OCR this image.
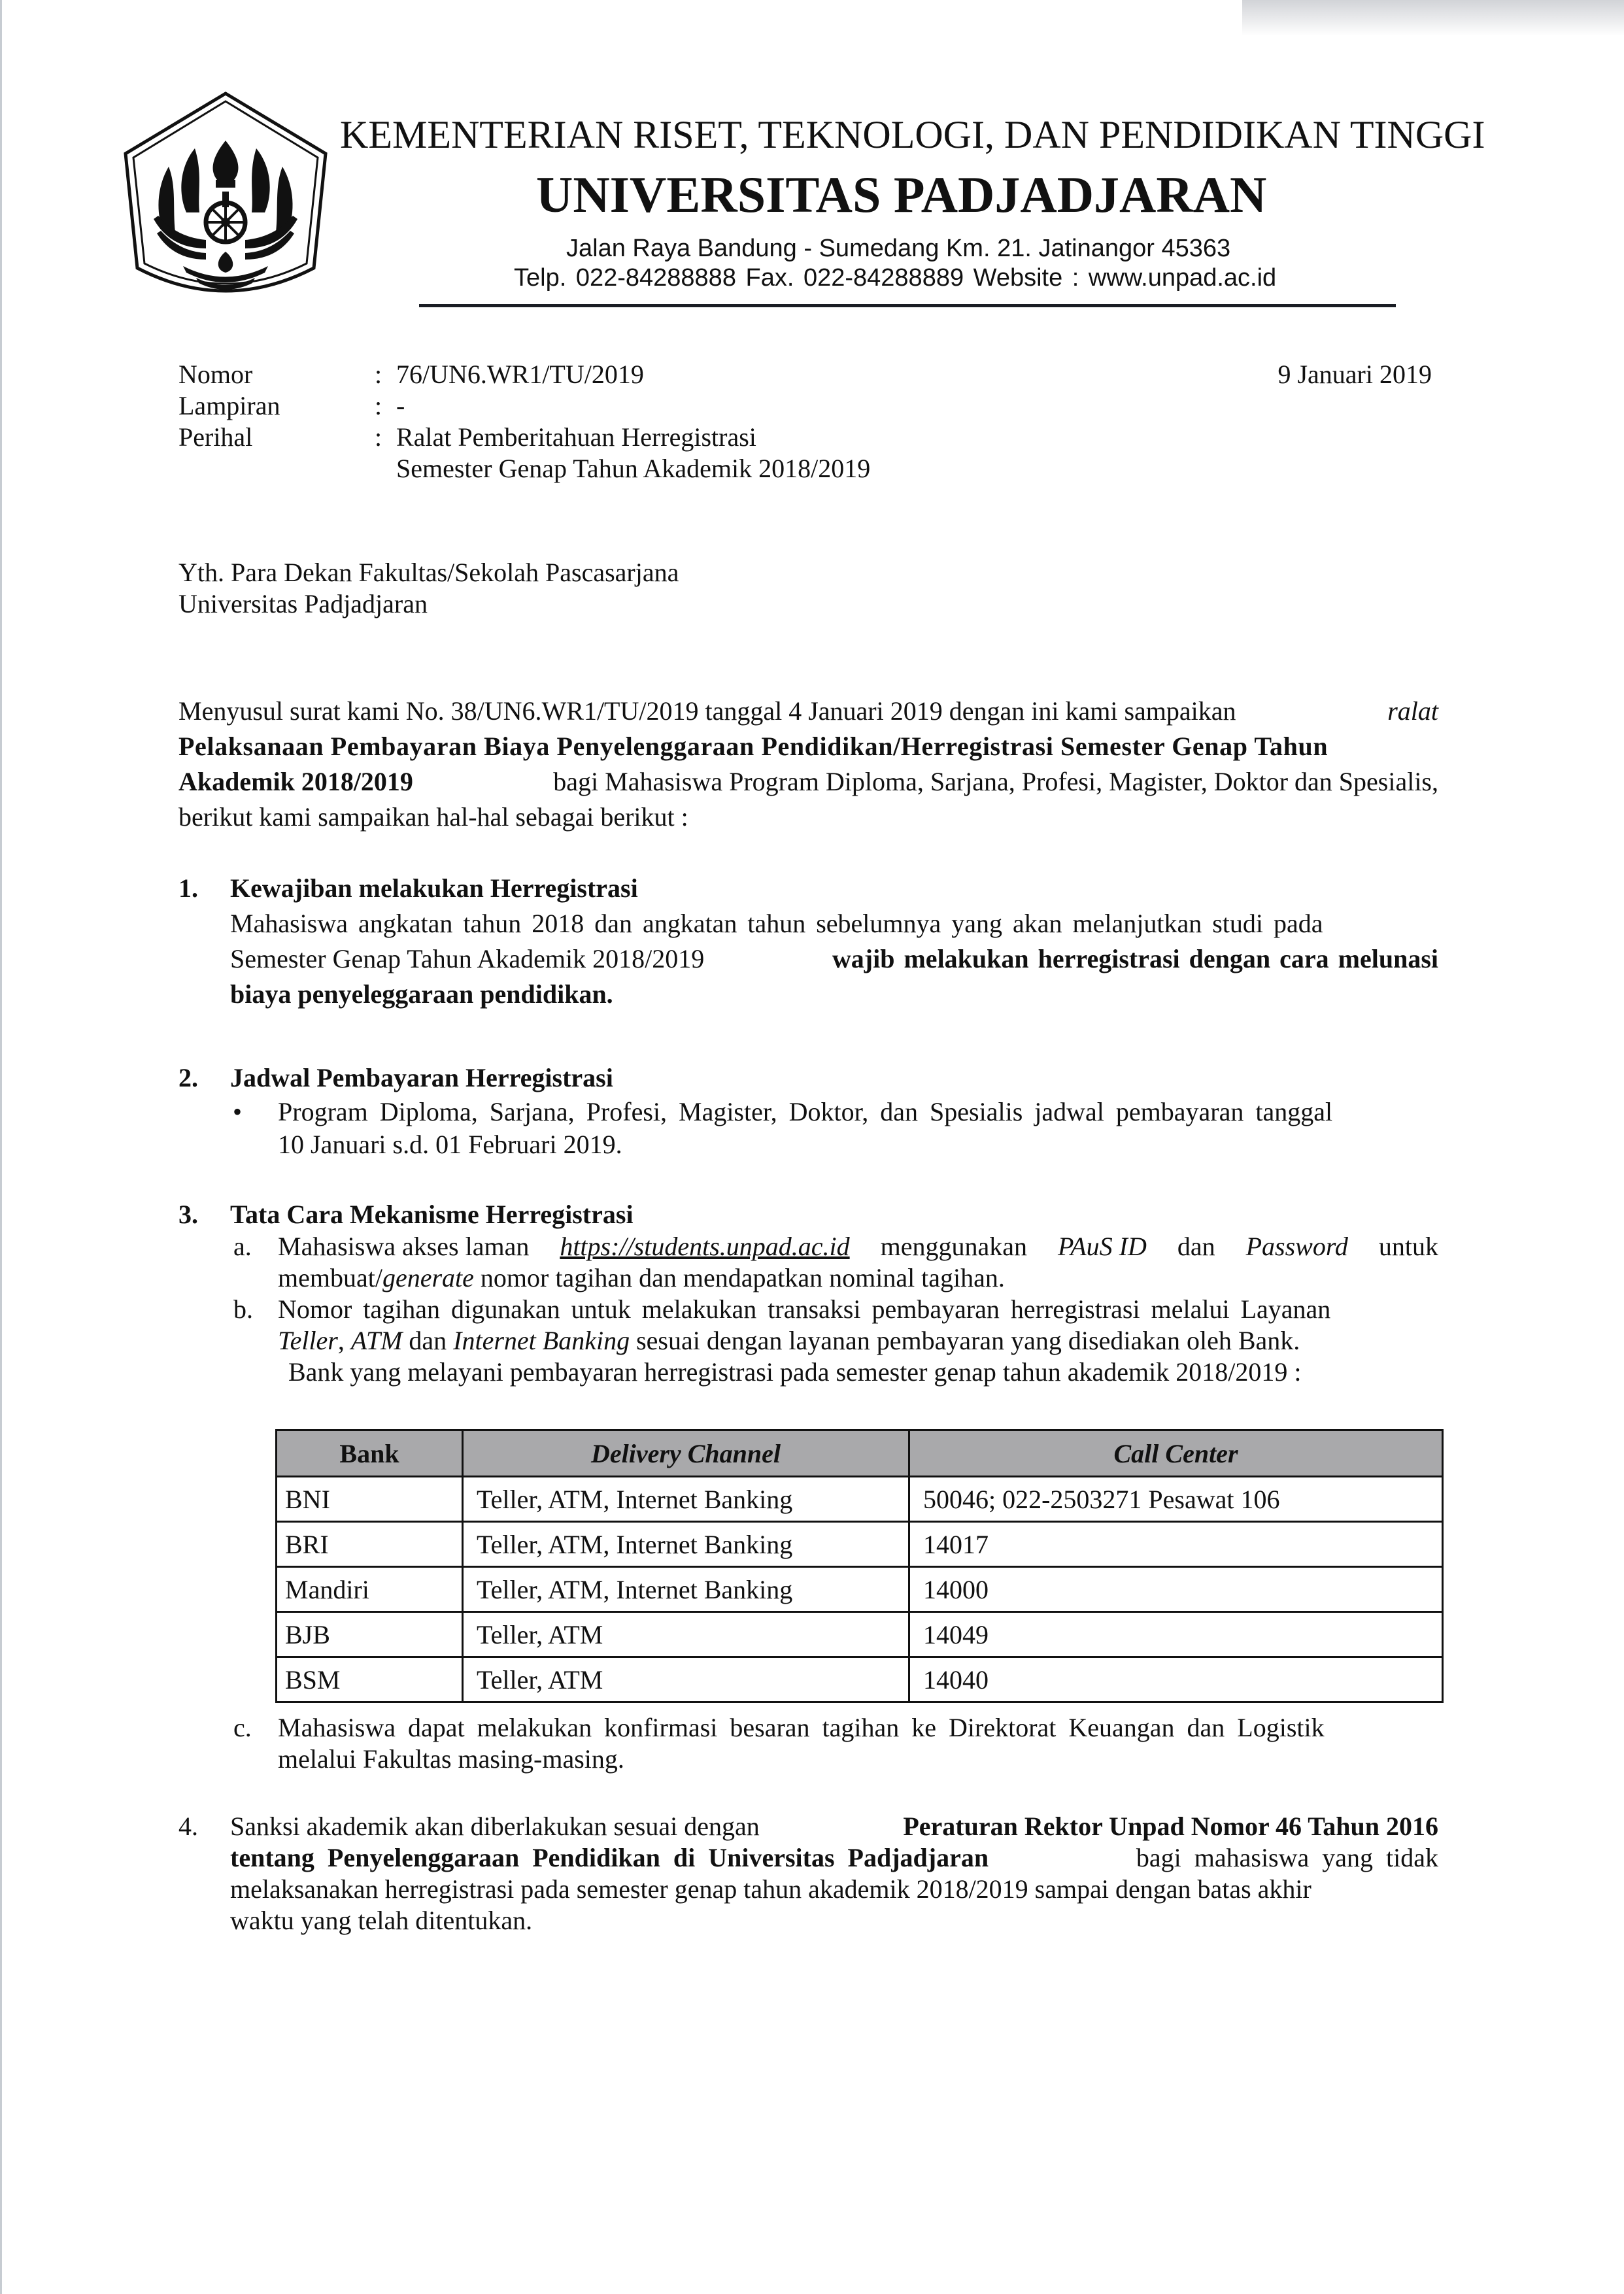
KEMENTERIAN RISET, TEKNOLOGI, DAN PENDIDIKAN TINGGI
UNIVERSITAS PADJADJARAN
Jalan Raya Bandung - Sumedang Km. 21. Jatinangor 45363
Telp. 022-84288888 Fax. 022-84288889 Website : www.unpad.ac.id
Nomor	: 76/UN6.WR1/TU/2019	9 Januari 2019
Lampiran	: -
Perihal	: Ralat Pemberitahuan Herregistrasi
Semester Genap Tahun Akademik 2018/2019
Yth. Para Dekan Fakultas/Sekolah Pascasarjana
Universitas Padjadjaran
Menyusul surat kami No. 38/UN6.WR1/TU/2019 tanggal 4 Januari 2019 dengan ini kami sampaikan	ralat
Pelaksanaan Pembayaran Biaya Penyelenggaraan Pendidikan/Herregistrasi Semester Genap Tahun
Akademik 2018/2019	bagi Mahasiswa Program Diploma, Sarjana, Profesi, Magister, Doktor dan Spesialis,
berikut kami sampaikan hal-hal sebagai berikut :
1. Kewajiban melakukan Herregistrasi
Mahasiswa angkatan tahun 2018 dan angkatan tahun sebelumnya yang akan melanjutkan studi pada
Semester Genap Tahun Akademik 2018/2019	wajib melakukan herregistrasi dengan cara melunasi
biaya penyeleggaraan pendidikan.
2. Jadwal Pembayaran Herregistrasi
• Program Diploma, Sarjana, Profesi, Magister, Doktor, dan Spesialis jadwal pembayaran tanggal
10 Januari s.d. 01 Februari 2019.
3. Tata Cara Mekanisme Herregistrasi
a. Mahasiswa akses laman https://students.unpad.ac.id menggunakan PAuS ID dan Password untuk
membuat/generate nomor tagihan dan mendapatkan nominal tagihan.
b. Nomor tagihan digunakan untuk melakukan transaksi pembayaran herregistrasi melalui Layanan
Teller, ATM dan Internet Banking sesuai dengan layanan pembayaran yang disediakan oleh Bank.
Bank yang melayani pembayaran herregistrasi pada semester genap tahun akademik 2018/2019 :
Bank	Delivery Channel	Call Center
BNI	Teller, ATM, Internet Banking	50046; 022-2503271 Pesawat 106
BRI	Teller, ATM, Internet Banking	14017
Mandiri	Teller, ATM, Internet Banking	14000
BJB	Teller, ATM	14049
BSM	Teller, ATM	14040
c. Mahasiswa dapat melakukan konfirmasi besaran tagihan ke Direktorat Keuangan dan Logistik
melalui Fakultas masing-masing.
4. Sanksi akademik akan diberlakukan sesuai dengan	Peraturan Rektor Unpad Nomor 46 Tahun 2016
tentang Penyelenggaraan Pendidikan di Universitas Padjadjaran	bagi mahasiswa yang tidak
melaksanakan herregistrasi pada semester genap tahun akademik 2018/2019 sampai dengan batas akhir
waktu yang telah ditentukan.
